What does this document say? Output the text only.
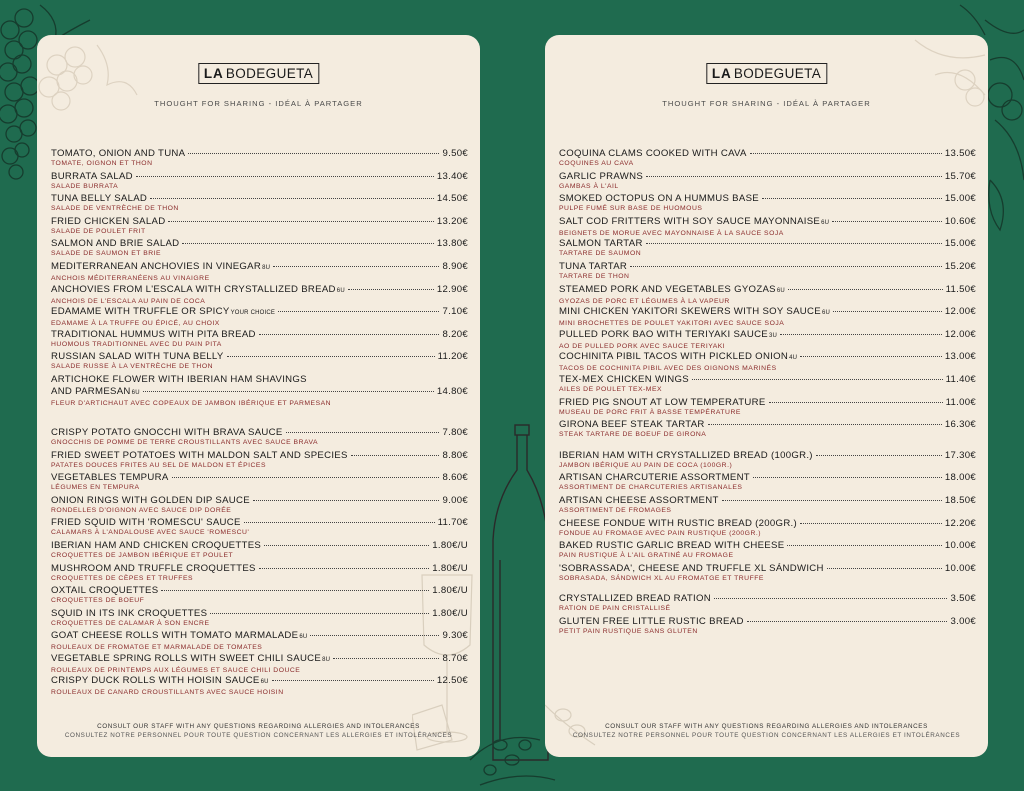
LA BODEGUETA
THOUGHT FOR SHARING - IDÉAL À PARTAGER
TOMATO, ONION AND TUNA	9.50€
TOMATE, OIGNON ET THON
BURRATA SALAD	13.40€
SALADE BURRATA
TUNA BELLY SALAD	14.50€
SALADE DE VENTRÈCHE DE THON
FRIED CHICKEN SALAD	13.20€
SALADE DE POULET FRIT
SALMON AND BRIE SALAD	13.80€
SALADE DE SAUMON ET BRIE
MEDITERRANEAN ANCHOVIES IN VINEGAR 8U	8.90€
ANCHOIS MÉDITERRANÉENS AU VINAIGRE
ANCHOVIES FROM L'ESCALA WITH CRYSTALLIZED BREAD 6U	12.90€
ANCHOIS DE L'ESCALA AU PAIN DE COCA
EDAMAME WITH TRUFFLE OR SPICY YOUR CHOICE	7.10€
EDAMAME À LA TRUFFE OU ÉPICÉ, AU CHOIX
TRADITIONAL HUMMUS WITH PITA BREAD	8.20€
HUOMOUS TRADITIONNEL AVEC DU PAIN PITA
RUSSIAN SALAD WITH TUNA BELLY	11.20€
SALADE RUSSE À LA VENTRÈCHE DE THON
ARTICHOKE FLOWER WITH IBERIAN HAM SHAVINGS
AND PARMESAN 6U	14.80€
FLEUR D'ARTICHAUT AVEC COPEAUX DE JAMBON IBÉRIQUE ET PARMESAN
CRISPY POTATO GNOCCHI WITH BRAVA SAUCE	7.80€
GNOCCHIS DE POMME DE TERRE CROUSTILLANTS AVEC SAUCE BRAVA
FRIED SWEET POTATOES WITH MALDON SALT AND SPECIES	8.80€
PATATES DOUCES FRITES AU SEL DE MALDON ET ÉPICES
VEGETABLES TEMPURA	8.60€
LÉGUMES EN TEMPURA
ONION RINGS WITH GOLDEN DIP SAUCE	9.00€
RONDELLES D'OIGNON AVEC SAUCE DIP DORÉE
FRIED SQUID WITH 'ROMESCU' SAUCE	11.70€
CALAMARS À L'ANDALOUSE AVEC SAUCE 'ROMESCU'
IBERIAN HAM AND CHICKEN CROQUETTES	1.80€/U
CROQUETTES DE JAMBON IBÉRIQUE ET POULET
MUSHROOM AND TRUFFLE CROQUETTES	1.80€/U
CROQUETTES DE CÈPES ET TRUFFES
OXTAIL CROQUETTES	1.80€/U
CROQUETTES DE BOEUF
SQUID IN ITS INK CROQUETTES	1.80€/U
CROQUETTES DE CALAMAR À SON ENCRE
GOAT CHEESE ROLLS WITH TOMATO MARMALADE 6U	9.30€
ROULEAUX DE FROMATGE ET MARMALADE DE TOMATES
VEGETABLE SPRING ROLLS WITH SWEET CHILI SAUCE 8U	8.70€
ROULEAUX DE PRINTEMPS AUX LÉGUMES ET SAUCE CHILI DOUCE
CRISPY DUCK ROLLS WITH HOISIN SAUCE 6U	12.50€
ROULEAUX DE CANARD CROUSTILLANTS AVEC SAUCE HOISIN
CONSULT OUR STAFF WITH ANY QUESTIONS REGARDING ALLERGIES AND INTOLERANCES
CONSULTEZ NOTRE PERSONNEL POUR TOUTE QUESTION CONCERNANT LES ALLERGIES ET INTOLÉRANCES
LA BODEGUETA
THOUGHT FOR SHARING - IDÉAL À PARTAGER
COQUINA CLAMS COOKED WITH CAVA	13.50€
COQUINES AU CAVA
GARLIC PRAWNS	15.70€
GAMBAS À L'AIL
SMOKED OCTOPUS ON A HUMMUS BASE	15.00€
PULPE FUMÉ SUR BASE DE HUOMOUS
SALT COD FRITTERS WITH SOY SAUCE MAYONNAISE 6U	10.60€
BEIGNETS DE MORUE AVEC MAYONNAISE À LA SAUCE SOJA
SALMON TARTAR	15.00€
TARTARE DE SAUMON
TUNA TARTAR	15.20€
TARTARE DE THON
STEAMED PORK AND VEGETABLES GYOZAS 6U	11.50€
GYOZAS DE PORC ET LÉGUMES À LA VAPEUR
MINI CHICKEN YAKITORI SKEWERS WITH SOY SAUCE 6U	12.00€
MINI BROCHETTES DE POULET YAKITORI AVEC SAUCE SOJA
PULLED PORK BAO WITH TERIYAKI SAUCE 3U	12.00€
AO DE PULLED PORK AVEC SAUCE TERIYAKI
COCHINITA PIBIL TACOS WITH PICKLED ONION 4U	13.00€
TACOS DE COCHINITA PIBIL AVEC DES OIGNONS MARINÉS
TEX-MEX CHICKEN WINGS	11.40€
AILES DE POULET TEX-MEX
FRIED PIG SNOUT AT LOW TEMPERATURE	11.00€
MUSEAU DE PORC FRIT À BASSE TEMPÉRATURE
GIRONA BEEF STEAK TARTAR	16.30€
STEAK TARTARE DE BOEUF DE GIRONA
IBERIAN HAM WITH CRYSTALLIZED BREAD (100GR.)	17.30€
JAMBON IBÉRIQUE AU PAIN DE COCA (100GR.)
ARTISAN CHARCUTERIE ASSORTMENT	18.00€
ASSORTIMENT DE CHARCUTERIES ARTISANALES
ARTISAN CHEESE ASSORTMENT	18.50€
ASSORTIMENT DE FROMAGES
CHEESE FONDUE WITH RUSTIC BREAD (200GR.)	12.20€
FONDUE AU FROMAGE AVEC PAIN RUSTIQUE (200GR.)
BAKED RUSTIC GARLIC BREAD WITH CHEESE	10.00€
PAIN RUSTIQUE À L'AIL GRATINÉ AU FROMAGE
'SOBRASSADA', CHEESE AND TRUFFLE XL SÁNDWICH	10.00€
SOBRASADA, SÁNDWICH XL AU FROMATGE ET TRUFFE
CRYSTALLIZED BREAD RATION	3.50€
RATION DE PAIN CRISTALLISÉ
GLUTEN FREE LITTLE RUSTIC BREAD	3.00€
PETIT PAIN RUSTIQUE SANS GLUTEN
CONSULT OUR STAFF WITH ANY QUESTIONS REGARDING ALLERGIES AND INTOLERANCES
CONSULTEZ NOTRE PERSONNEL POUR TOUTE QUESTION CONCERNANT LES ALLERGIES ET INTOLÉRANCES
